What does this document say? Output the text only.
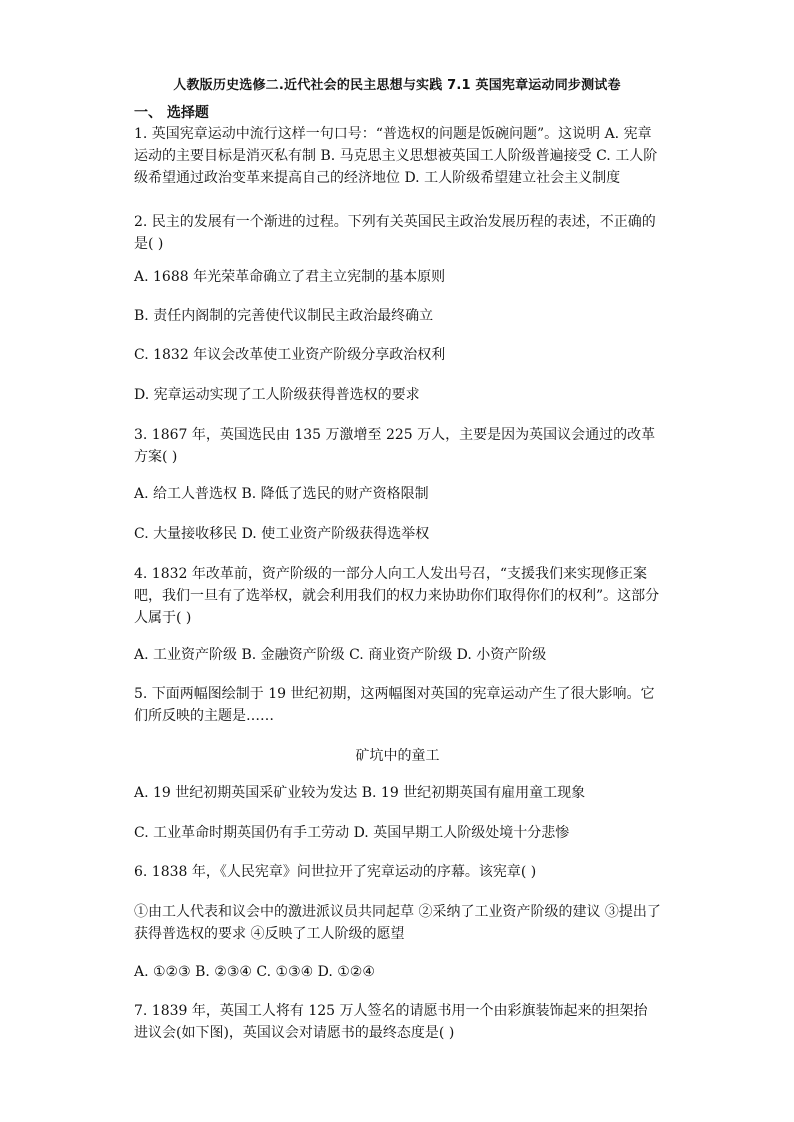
人教版历史选修二.近代社会的民主思想与实践 7.1 英国宪章运动同步测试卷
一、 选择题
1. 英国宪章运动中流行这样一句口号：“普选权的问题是饭碗问题”。这说明 A. 宪章运动的主要目标是消灭私有制 B. 马克思主义思想被英国工人阶级普遍接受 C. 工人阶级希望通过政治变革来提高自己的经济地位 D. 工人阶级希望建立社会主义制度
2. 民主的发展有一个渐进的过程。下列有关英国民主政治发展历程的表述，不正确的是( )
A. 1688 年光荣革命确立了君主立宪制的基本原则
B. 责任内阁制的完善使代议制民主政治最终确立
C. 1832 年议会改革使工业资产阶级分享政治权利
D. 宪章运动实现了工人阶级获得普选权的要求
3. 1867 年，英国选民由 135 万激增至 225 万人，主要是因为英国议会通过的改革方案( )
A. 给工人普选权 B. 降低了选民的财产资格限制
C. 大量接收移民 D. 使工业资产阶级获得选举权
4. 1832 年改革前，资产阶级的一部分人向工人发出号召，“支援我们来实现修正案吧，我们一旦有了选举权，就会利用我们的权力来协助你们取得你们的权利”。这部分人属于( )
A. 工业资产阶级 B. 金融资产阶级 C. 商业资产阶级 D. 小资产阶级
5. 下面两幅图绘制于 19 世纪初期，这两幅图对英国的宪章运动产生了很大影响。它们所反映的主题是……
矿坑中的童工
A. 19 世纪初期英国采矿业较为发达 B. 19 世纪初期英国有雇用童工现象
C. 工业革命时期英国仍有手工劳动 D. 英国早期工人阶级处境十分悲惨
6. 1838 年，《人民宪章》问世拉开了宪章运动的序幕。该宪章( )
①由工人代表和议会中的激进派议员共同起草 ②采纳了工业资产阶级的建议 ③提出了获得普选权的要求 ④反映了工人阶级的愿望
A. ①②③ B. ②③④ C. ①③④ D. ①②④
7. 1839 年，英国工人将有 125 万人签名的请愿书用一个由彩旗装饰起来的担架抬进议会(如下图)，英国议会对请愿书的最终态度是( )
